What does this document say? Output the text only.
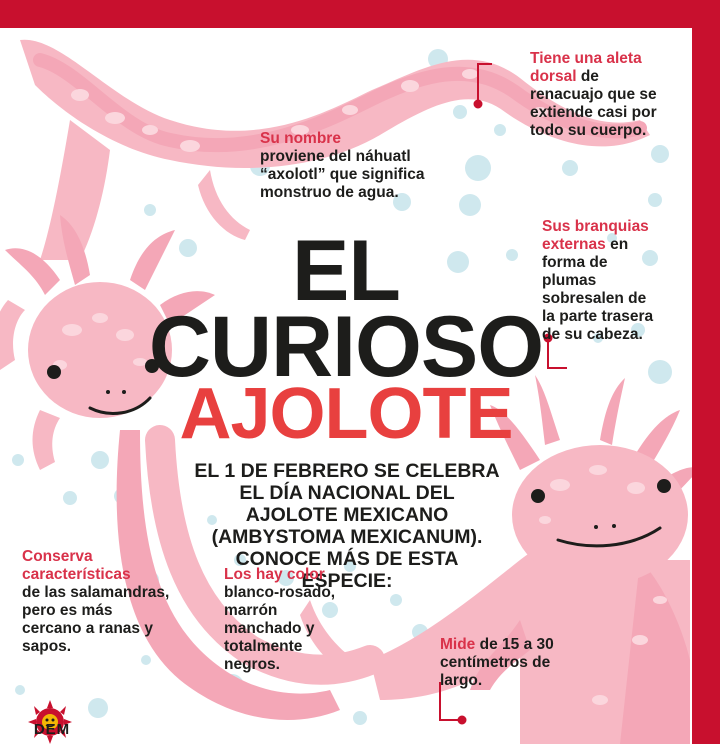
EL
CURIOSO
AJOLOTE
EL 1 DE FEBRERO SE CELEBRA EL DÍA NACIONAL DEL AJOLOTE MEXICANO (AMBYSTOMA MEXICANUM). CONOCE MÁS DE ESTA ESPECIE:
Su nombre
proviene del náhuatl “axolotl” que significa monstruo de agua.
Tiene una aleta dorsal de renacuajo que se extiende casi por todo su cuerpo.
Sus branquias externas en forma de plumas sobresalen de la parte trasera de su cabeza.
Conserva características
de las salamandras, pero es más cercano a ranas y sapos.
Los hay color
blanco-rosado, marrón manchado y totalmente negros.
Mide de 15 a 30 centímetros de largo.
DEM
